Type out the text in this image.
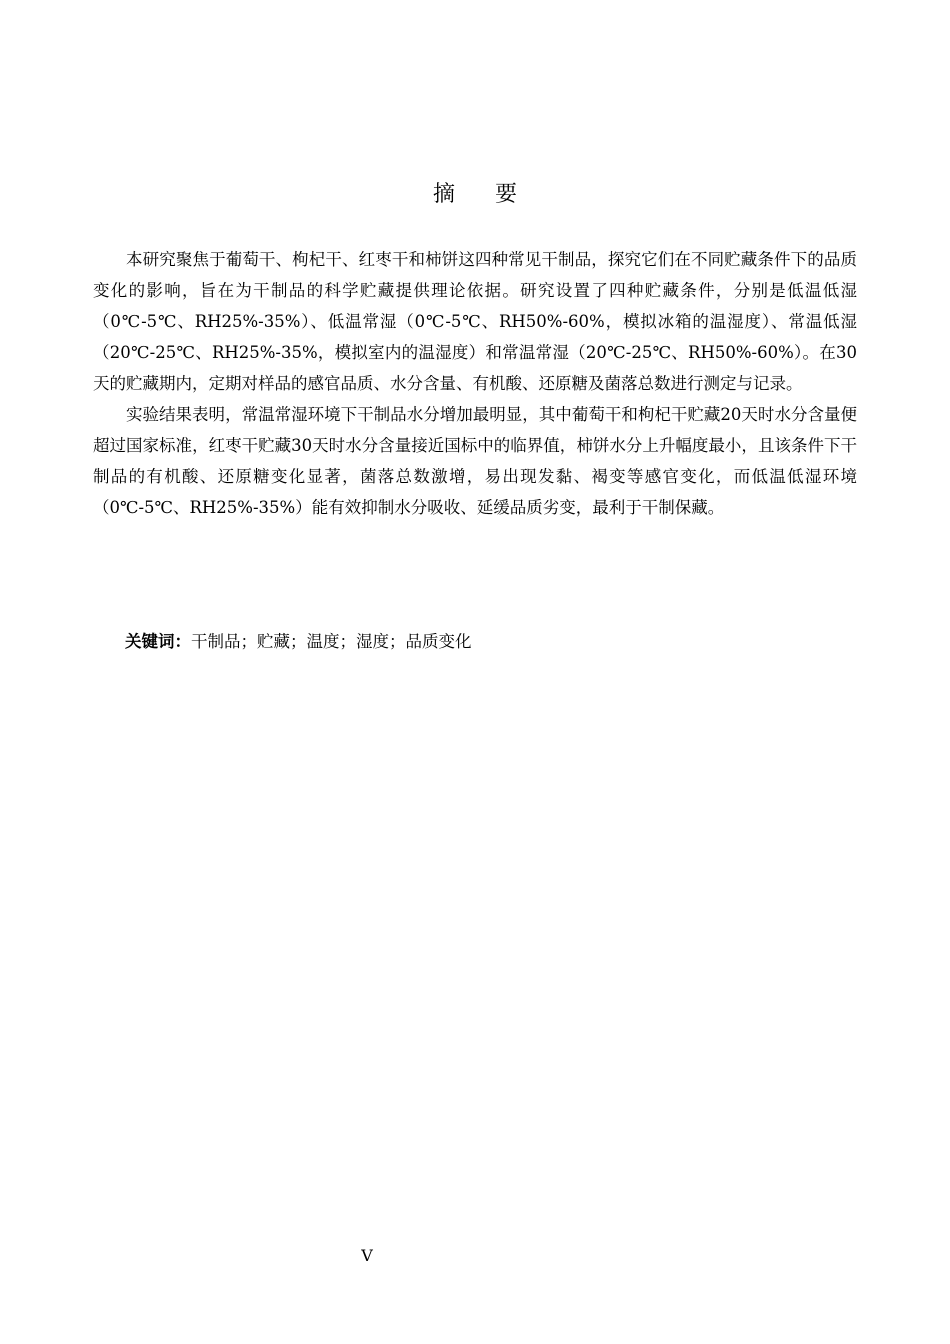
摘要

本研究聚焦于葡萄干、枸杞干、红枣干和柿饼这四种常见干制品，探究它们在不同贮藏条件下的品质变化的影响，旨在为干制品的科学贮藏提供理论依据。研究设置了四种贮藏条件，分别是低温低湿（0℃-5℃、RH25%-35%）、低温常湿（0℃-5℃、RH50%-60%，模拟冰箱的温湿度）、常温低湿（20℃-25℃、RH25%-35%，模拟室内的温湿度）和常温常湿（20℃-25℃、RH50%-60%）。在30天的贮藏期内，定期对样品的感官品质、水分含量、有机酸、还原糖及菌落总数进行测定与记录。

实验结果表明，常温常湿环境下干制品水分增加最明显，其中葡萄干和枸杞干贮藏20天时水分含量便超过国家标准，红枣干贮藏30天时水分含量接近国标中的临界值，柿饼水分上升幅度最小，且该条件下干制品的有机酸、还原糖变化显著，菌落总数激增，易出现发黏、褐变等感官变化，而低温低湿环境（0℃-5℃、RH25%-35%）能有效抑制水分吸收、延缓品质劣变，最利于干制保藏。

关键词：干制品；贮藏；温度；湿度；品质变化
V
